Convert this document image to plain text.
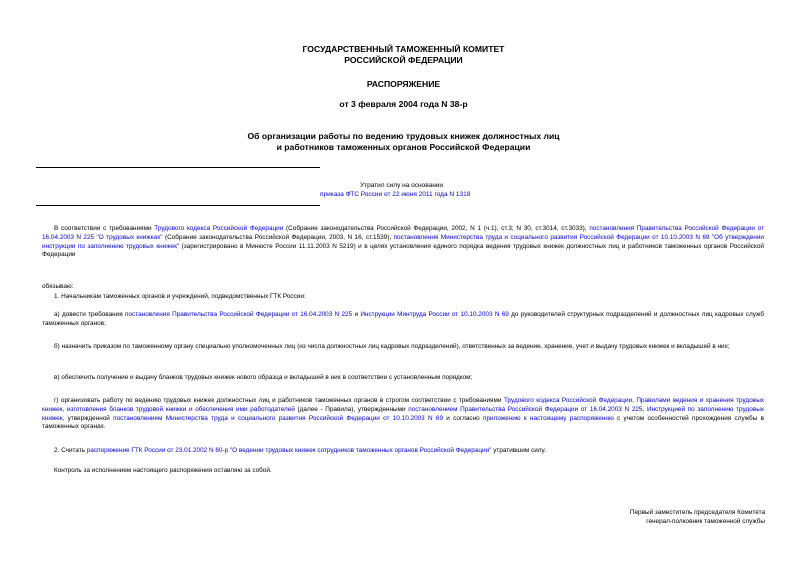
ГОСУДАРСТВЕННЫЙ ТАМОЖЕННЫЙ КОМИТЕТ
РОССИЙСКОЙ ФЕДЕРАЦИИ
РАСПОРЯЖЕНИЕ
от 3 февраля 2004 года N 38-р
Об организации работы по ведению трудовых книжек должностных лиц
и работников таможенных органов Российской Федерации
Утратил силу на основании
приказа ФТС России от 22 июня 2011 года N 1318
В соответствии с требованиями Трудового кодекса Российской Федерации (Собрание законодательства Российской Федерации, 2002, N 1 (ч.1), ст.3; N 30, ст.3014, ст.3033), постановления Правительства Российской Федерации от 16.04.2003 N 225 "О трудовых книжках" (Собрание законодательства Российской Федерации, 2003, N 16, ст.1539), постановления Министерства труда и социального развития Российской Федерации от 10.10.2003 N 69 "Об утверждении инструкции по заполнению трудовых книжек" (зарегистрировано в Минюсте России 11.11.2003 N 5219) и в целях установления единого порядка ведения трудовых книжек должностных лиц и работников таможенных органов Российской Федерации
обязываю:
1. Начальникам таможенных органов и учреждений, подведомственных ГТК России:
а) довести требования постановления Правительства Российской Федерации от 16.04.2003 N 225 и Инструкции Минтруда России от 10.10.2003 N 69 до руководителей структурных подразделений и должностных лиц кадровых служб таможенных органов;
б) назначить приказом по таможенному органу специально уполномоченных лиц (из числа должностных лиц кадровых подразделений), ответственных за ведение, хранение, учет и выдачу трудовых книжек и вкладышей в них;
в) обеспечить получение и выдачу бланков трудовых книжек нового образца и вкладышей в них в соответствии с установленным порядком;
г) организовать работу по ведению трудовых книжек должностных лиц и работников таможенных органов в строгом соответствии с требованиями Трудового кодекса Российской Федерации, Правилами ведения и хранения трудовых книжек, изготовления бланков трудовой книжки и обеспечения ими работодателей (далее - Правила), утвержденными постановлением Правительства Российской Федерации от 16.04.2003 N 225, Инструкцией по заполнению трудовых книжек, утвержденной постановлением Министерства труда и социального развития Российской Федерации от 10.10.2003 N 69 и согласно приложению к настоящему распоряжению с учетом особенностей прохождения службы в таможенных органах.
2. Считать распоряжение ГТК России от 23.01.2002 N 60-р "О ведении трудовых книжек сотрудников таможенных органов Российской Федерации" утратившим силу.
Контроль за исполнением настоящего распоряжения оставляю за собой.
Первый заместитель председателя Комитета
генерал-полковник таможенной службы
